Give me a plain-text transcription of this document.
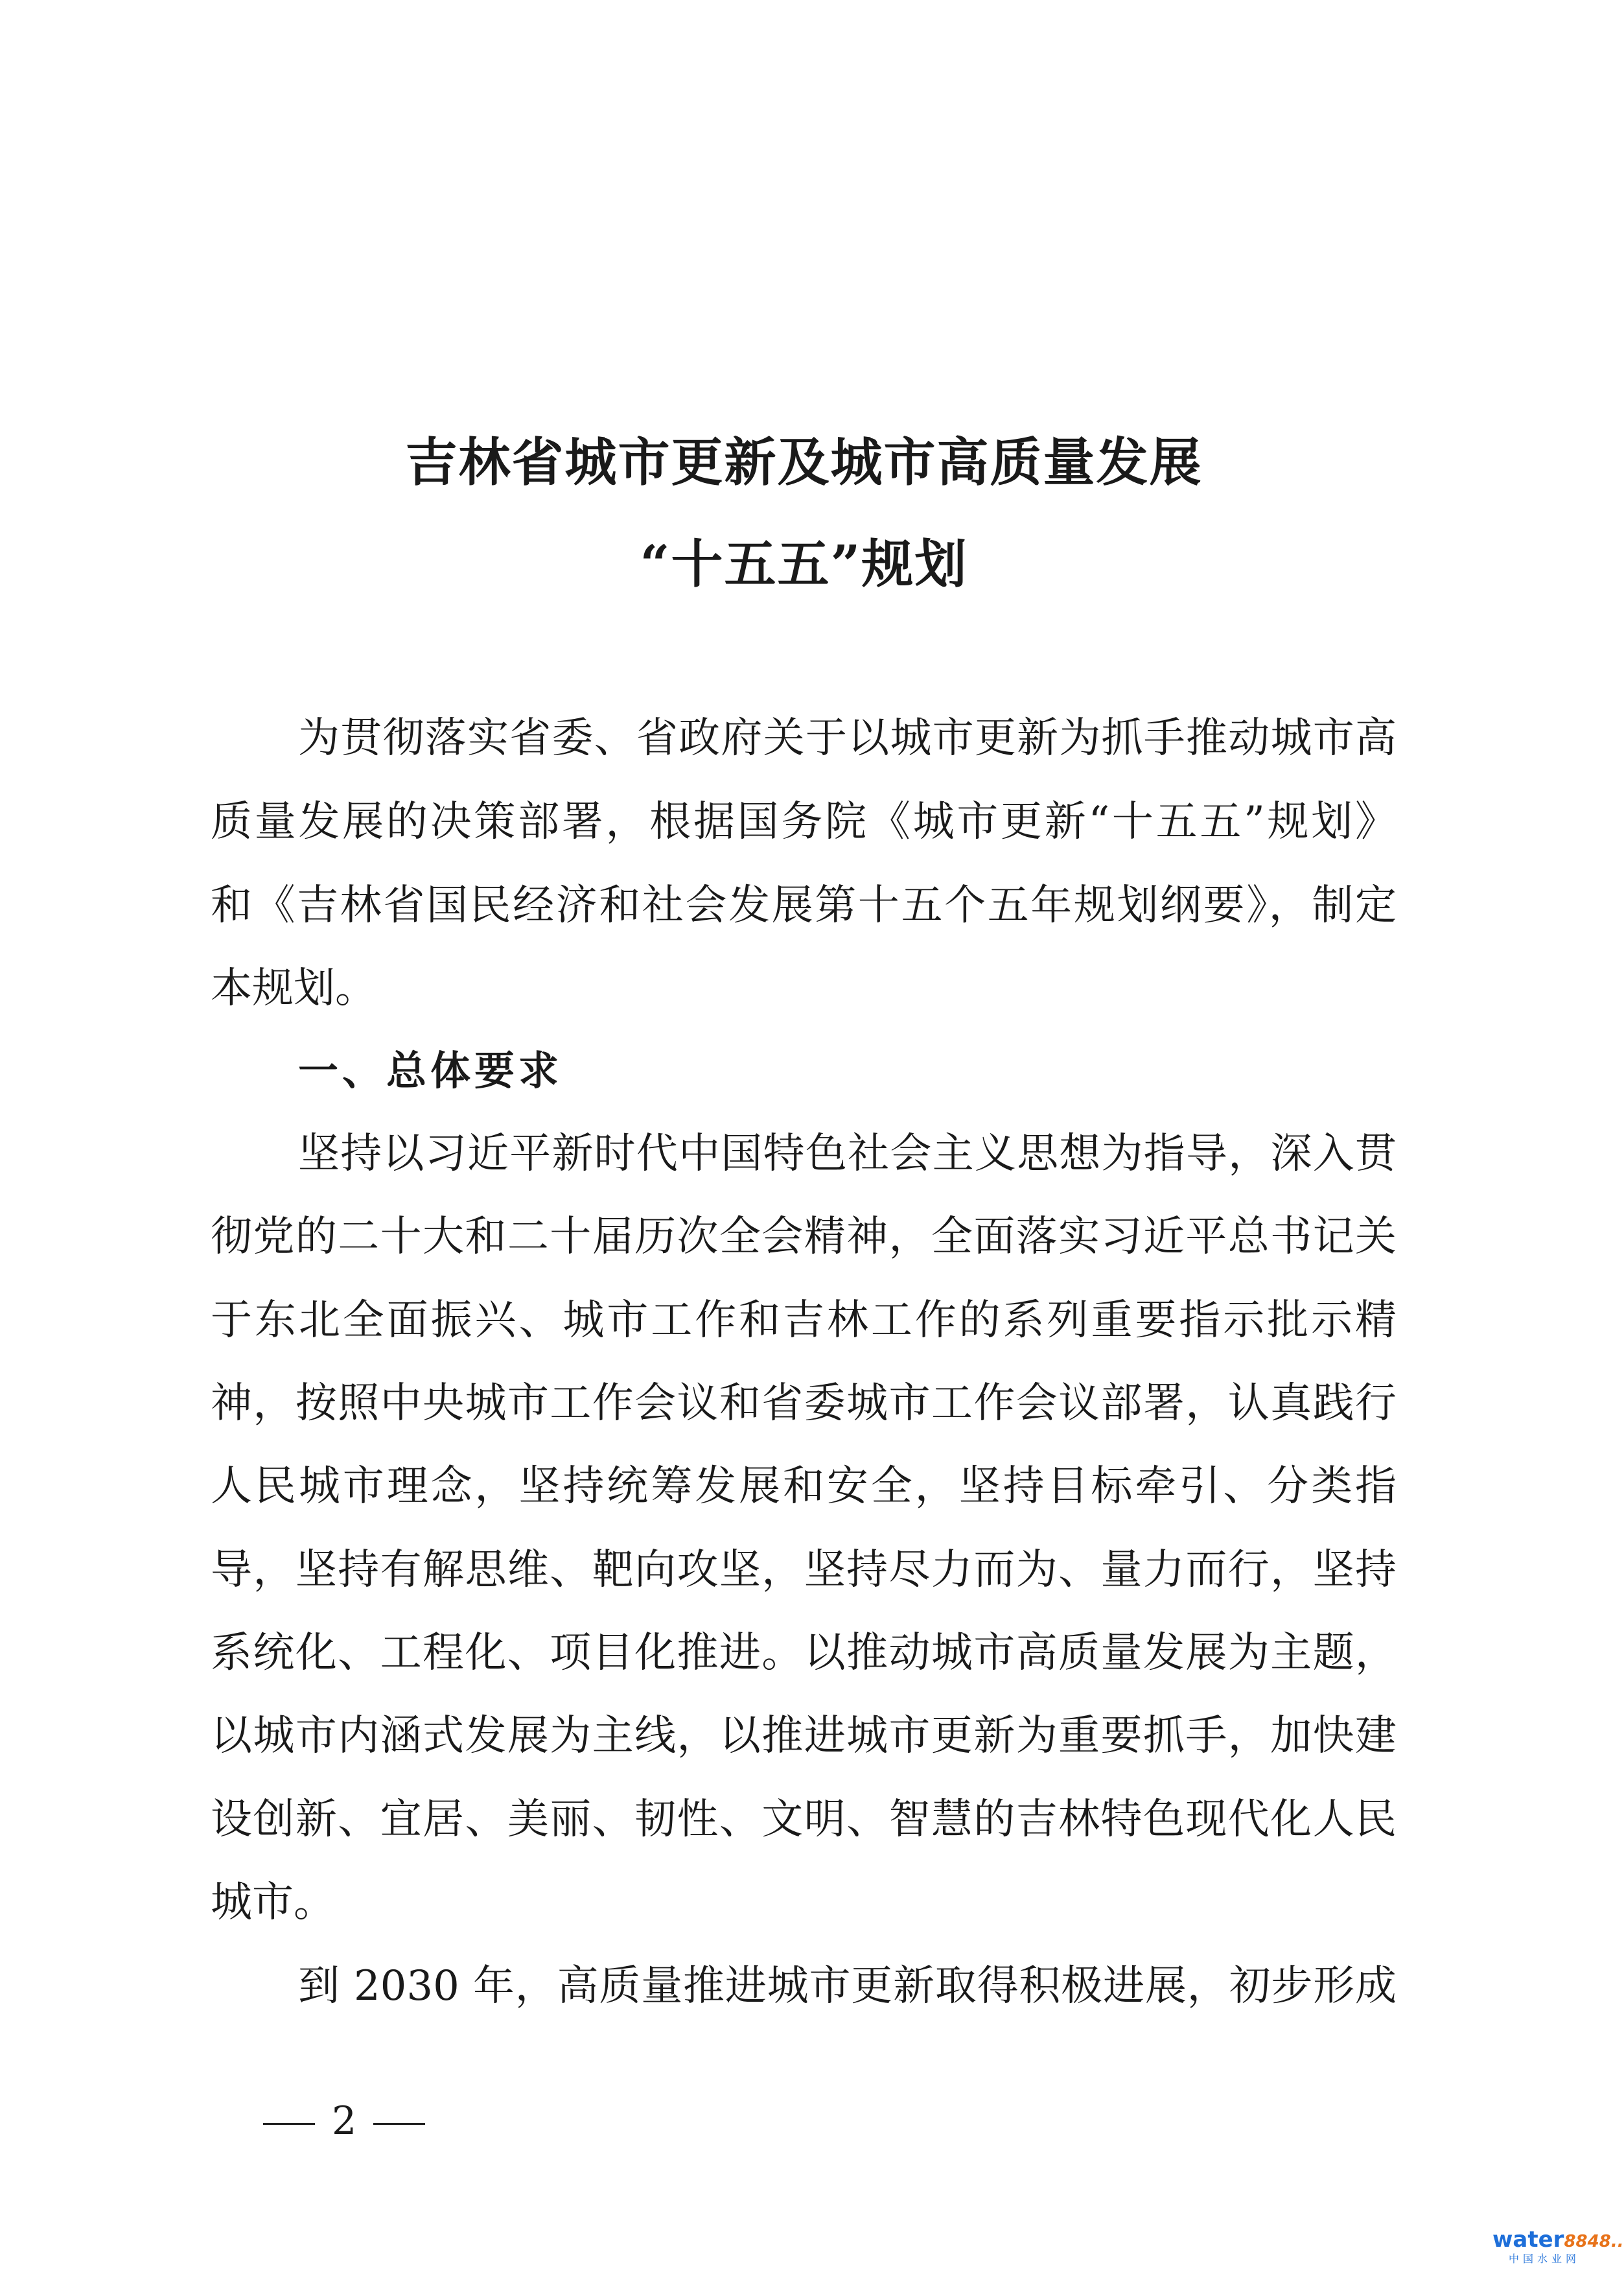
吉林省城市更新及城市高质量发展
“十五五”规划
为贯彻落实省委、省政府关于以城市更新为抓手推动城市高
质量发展的决策部署，根据国务院《城市更新“十五五”规划》
和《吉林省国民经济和社会发展第十五个五年规划纲要》，制定
本规划。
一、总体要求
坚持以习近平新时代中国特色社会主义思想为指导，深入贯
彻党的二十大和二十届历次全会精神，全面落实习近平总书记关
于东北全面振兴、城市工作和吉林工作的系列重要指示批示精
神，按照中央城市工作会议和省委城市工作会议部署，认真践行
人民城市理念，坚持统筹发展和安全，坚持目标牵引、分类指
导，坚持有解思维、靶向攻坚，坚持尽力而为、量力而行，坚持
系统化、工程化、项目化推进。以推动城市高质量发展为主题，
以城市内涵式发展为主线，以推进城市更新为重要抓手，加快建
设创新、宜居、美丽、韧性、文明、智慧的吉林特色现代化人民
城市。
到 2030 年，高质量推进城市更新取得积极进展，初步形成
2
water8848..
中国水业网
